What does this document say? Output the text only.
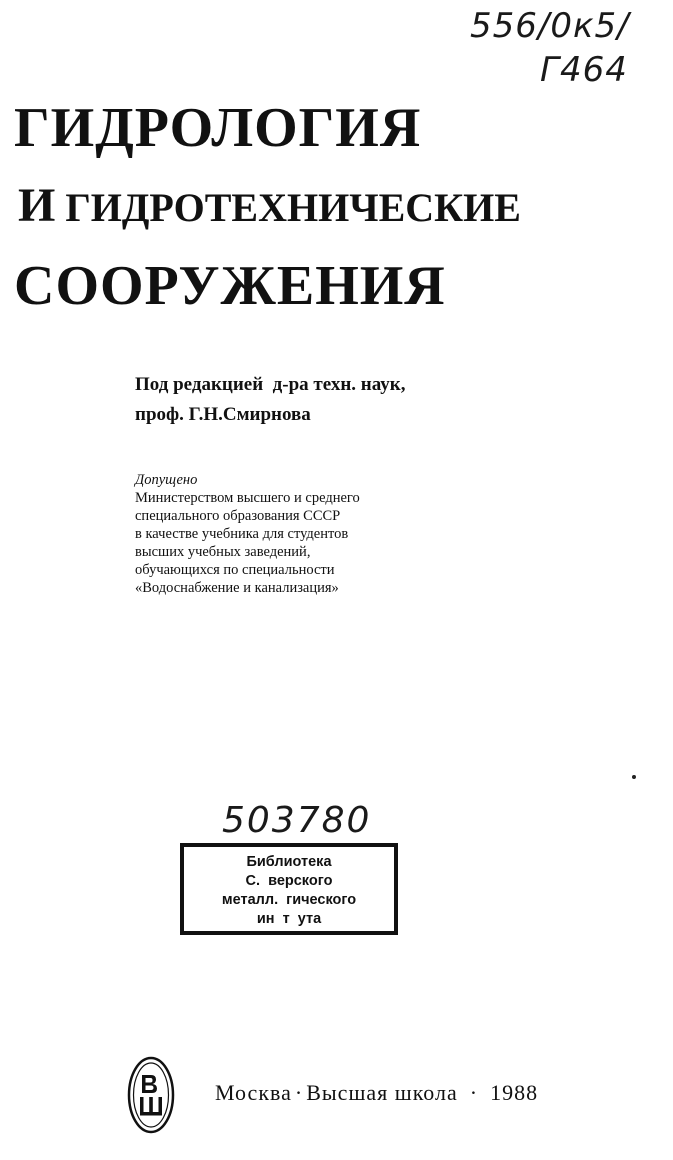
556/0к5/
Г464
ГИДРОЛОГИЯ
И ГИДРОТЕХНИЧЕСКИЕ
СООРУЖЕНИЯ
Под редакцией  д-ра техн. наук,
проф. Г.Н.Смирнова
Допущено
Министерством высшего и среднего
специального образования СССР
в качестве учебника для студентов
высших учебных заведений,
обучающихся по специальности
«Водоснабжение и канализация»
503780
Библиотека
С.  верского
металл.  гического
ин  т  ута
Москва · Высшая школа · 1988
